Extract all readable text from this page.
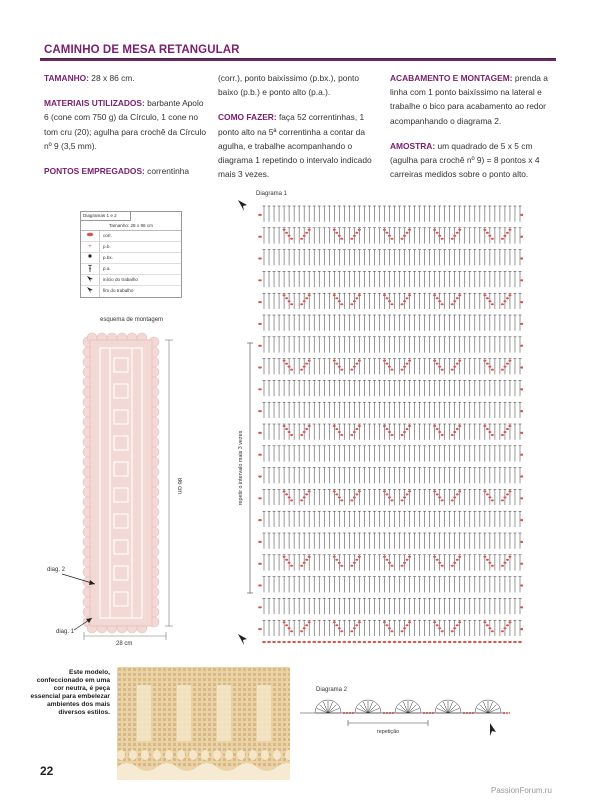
CAMINHO DE MESA RETANGULAR

TAMANHO: 28 x 86 cm.

MATERIAIS UTILIZADOS: barbante Apolo 6 (cone com 750 g) da Círculo, 1 cone no tom cru (20); agulha para crochê da Círculo nº 9 (3,5 mm).

PONTOS EMPREGADOS: correntinha

(corr.), ponto baixíssimo (p.bx.), ponto baixo (p.b.) e ponto alto (p.a.).

COMO FAZER: faça 52 correntinhas, 1 ponto alto na 5ª correntinha a contar da agulha, e trabalhe acompanhando o diagrama 1 repetindo o intervalo indicado mais 3 vezes.

ACABAMENTO E MONTAGEM: prenda a linha com 1 ponto baixíssimo na lateral e trabalhe o bico para acabamento ao redor acompanhando o diagrama 2.

AMOSTRA: um quadrado de 5 x 5 cm (agulha para crochê nº 9) = 8 pontos x 4 carreiras medidos sobre o ponto alto.

Diagramas 1 e 2
Tamanho: 28 x 86 cm
corr.
+	p.b.
p.bx.
p.a.
início do trabalho
fim do trabalho
esquema de montagem
86 cm
28 cm
diag. 2
diag. 1
Diagrama 1
repetir o intervalo mais 3 vezes
Este modelo, confeccionado em uma cor neutra, é peça essencial para embelezar ambientes dos mais diversos estilos.
Diagrama 2
repetição
22
PassionForum.ru
